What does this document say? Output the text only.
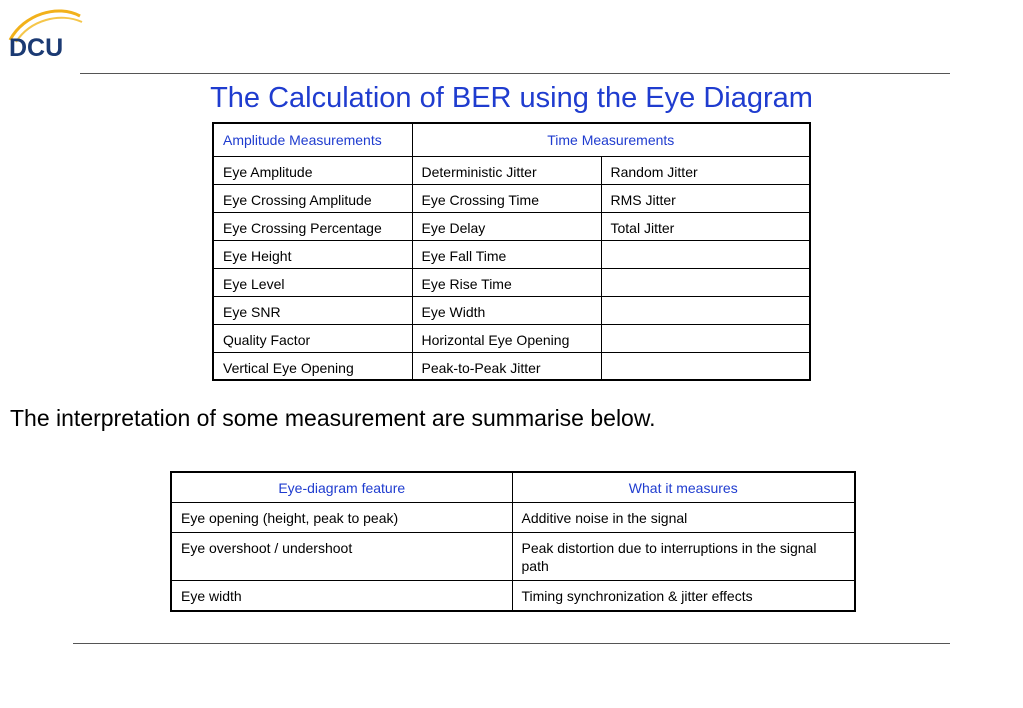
DCU
The Calculation of BER using the Eye Diagram
Amplitude Measurements	Time Measurements	
Eye Amplitude	Deterministic Jitter	Random Jitter
Eye Crossing Amplitude	Eye Crossing Time	RMS Jitter
Eye Crossing Percentage	Eye Delay	Total Jitter
Eye Height	Eye Fall Time	
Eye Level	Eye Rise Time	
Eye SNR	Eye Width	
Quality Factor	Horizontal Eye Opening	
Vertical Eye Opening	Peak-to-Peak Jitter	
The interpretation of some measurement are summarise below.
Eye-diagram feature	What it measures
Eye opening (height, peak to peak)	Additive noise in the signal
Eye overshoot / undershoot	Peak distortion due to interruptions in the signal path
Eye width	Timing synchronization & jitter effects
